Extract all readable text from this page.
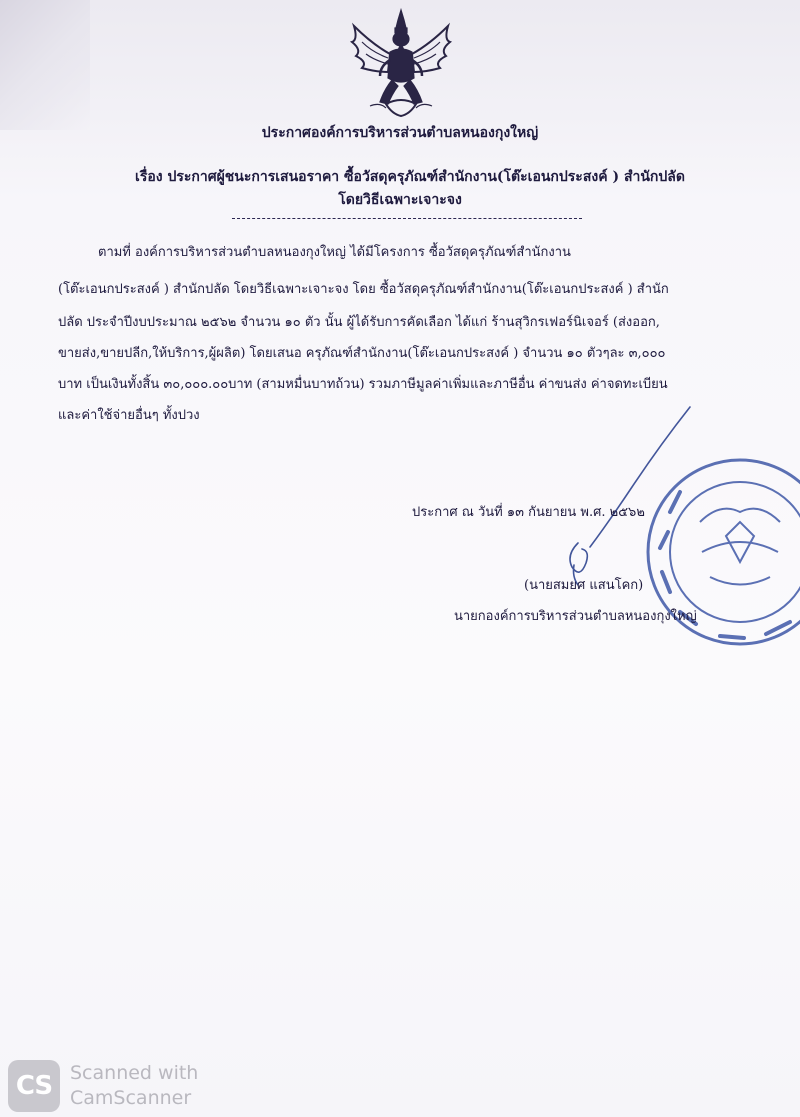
ประกาศองค์การบริหารส่วนตำบลหนองกุงใหญ่
เรื่อง ประกาศผู้ชนะการเสนอราคา ซื้อวัสดุครุภัณฑ์สำนักงาน(โต๊ะเอนกประสงค์ ) สำนักปลัด
โดยวิธีเฉพาะเจาะจง
ตามที่ องค์การบริหารส่วนตำบลหนองกุงใหญ่ ได้มีโครงการ ซื้อวัสดุครุภัณฑ์สำนักงาน
(โต๊ะเอนกประสงค์ ) สำนักปลัด โดยวิธีเฉพาะเจาะจง โดย ซื้อวัสดุครุภัณฑ์สำนักงาน(โต๊ะเอนกประสงค์ ) สำนัก
ปลัด ประจำปีงบประมาณ ๒๕๖๒ จำนวน ๑๐ ตัว นั้น ผู้ได้รับการคัดเลือก ได้แก่ ร้านสุวิกรเฟอร์นิเจอร์ (ส่งออก,
ขายส่ง,ขายปลีก,ให้บริการ,ผู้ผลิต) โดยเสนอ ครุภัณฑ์สำนักงาน(โต๊ะเอนกประสงค์ ) จำนวน ๑๐ ตัวๆละ ๓,๐๐๐
บาท เป็นเงินทั้งสิ้น ๓๐,๐๐๐.๐๐บาท (สามหมื่นบาทถ้วน) รวมภาษีมูลค่าเพิ่มและภาษีอื่น ค่าขนส่ง ค่าจดทะเบียน
และค่าใช้จ่ายอื่นๆ ทั้งปวง
ประกาศ ณ วันที่ ๑๓ กันยายน พ.ศ. ๒๕๖๒
(นายสมยศ แสนโคก)
นายกองค์การบริหารส่วนตำบลหนองกุงใหญ่
CS Scanned with
CamScanner
